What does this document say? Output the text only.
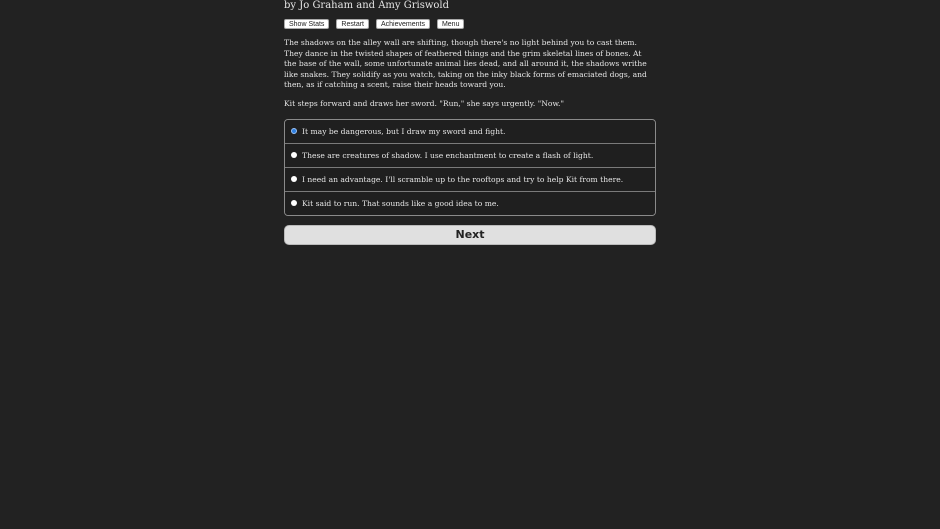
by Jo Graham and Amy Griswold
Show Stats	Restart	Achievements	Menu

The shadows on the alley wall are shifting, though there's no light behind you to cast them. They dance in the twisted shapes of feathered things and the grim skeletal lines of bones. At the base of the wall, some unfortunate animal lies dead, and all around it, the shadows writhe like snakes. They solidify as you watch, taking on the inky black forms of emaciated dogs, and then, as if catching a scent, raise their heads toward you.

Kit steps forward and draws her sword. "Run," she says urgently. "Now."

It may be dangerous, but I draw my sword and fight.
These are creatures of shadow. I use enchantment to create a flash of light.
I need an advantage. I'll scramble up to the rooftops and try to help Kit from there.
Kit said to run. That sounds like a good idea to me.
Next
